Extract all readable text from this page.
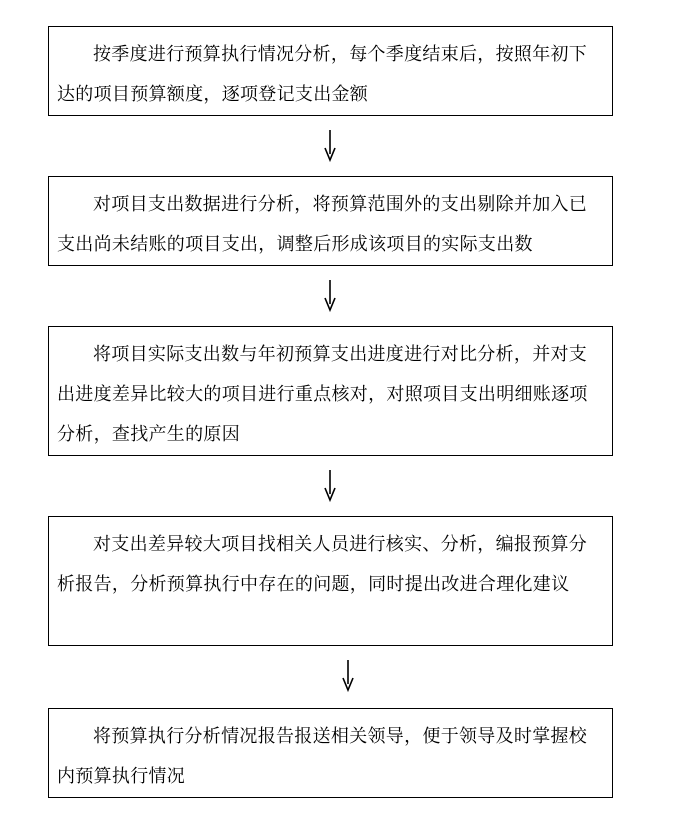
按季度进行预算执行情况分析，每个季度结束后，按照年初下达的项目预算额度，逐项登记支出金额
对项目支出数据进行分析，将预算范围外的支出剔除并加入已支出尚未结账的项目支出，调整后形成该项目的实际支出数
将项目实际支出数与年初预算支出进度进行对比分析，并对支出进度差异比较大的项目进行重点核对，对照项目支出明细账逐项分析，查找产生的原因
对支出差异较大项目找相关人员进行核实、分析，编报预算分析报告，分析预算执行中存在的问题，同时提出改进合理化建议
将预算执行分析情况报告报送相关领导，便于领导及时掌握校内预算执行情况
